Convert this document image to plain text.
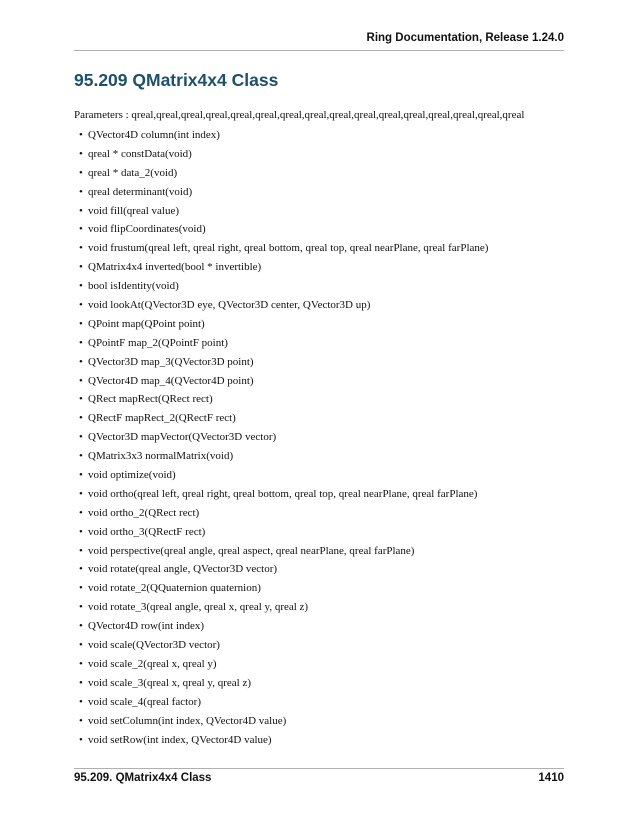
Ring Documentation, Release 1.24.0
95.209 QMatrix4x4 Class

Parameters : qreal,qreal,qreal,qreal,qreal,qreal,qreal,qreal,qreal,qreal,qreal,qreal,qreal,qreal,qreal,qreal

• QVector4D column(int index)
• qreal * constData(void)
• qreal * data_2(void)
• qreal determinant(void)
• void fill(qreal value)
• void flipCoordinates(void)
• void frustum(qreal left, qreal right, qreal bottom, qreal top, qreal nearPlane, qreal farPlane)
• QMatrix4x4 inverted(bool * invertible)
• bool isIdentity(void)
• void lookAt(QVector3D eye, QVector3D center, QVector3D up)
• QPoint map(QPoint point)
• QPointF map_2(QPointF point)
• QVector3D map_3(QVector3D point)
• QVector4D map_4(QVector4D point)
• QRect mapRect(QRect rect)
• QRectF mapRect_2(QRectF rect)
• QVector3D mapVector(QVector3D vector)
• QMatrix3x3 normalMatrix(void)
• void optimize(void)
• void ortho(qreal left, qreal right, qreal bottom, qreal top, qreal nearPlane, qreal farPlane)
• void ortho_2(QRect rect)
• void ortho_3(QRectF rect)
• void perspective(qreal angle, qreal aspect, qreal nearPlane, qreal farPlane)
• void rotate(qreal angle, QVector3D vector)
• void rotate_2(QQuaternion quaternion)
• void rotate_3(qreal angle, qreal x, qreal y, qreal z)
• QVector4D row(int index)
• void scale(QVector3D vector)
• void scale_2(qreal x, qreal y)
• void scale_3(qreal x, qreal y, qreal z)
• void scale_4(qreal factor)
• void setColumn(int index, QVector4D value)
• void setRow(int index, QVector4D value)
95.209. QMatrix4x4 Class	1410
